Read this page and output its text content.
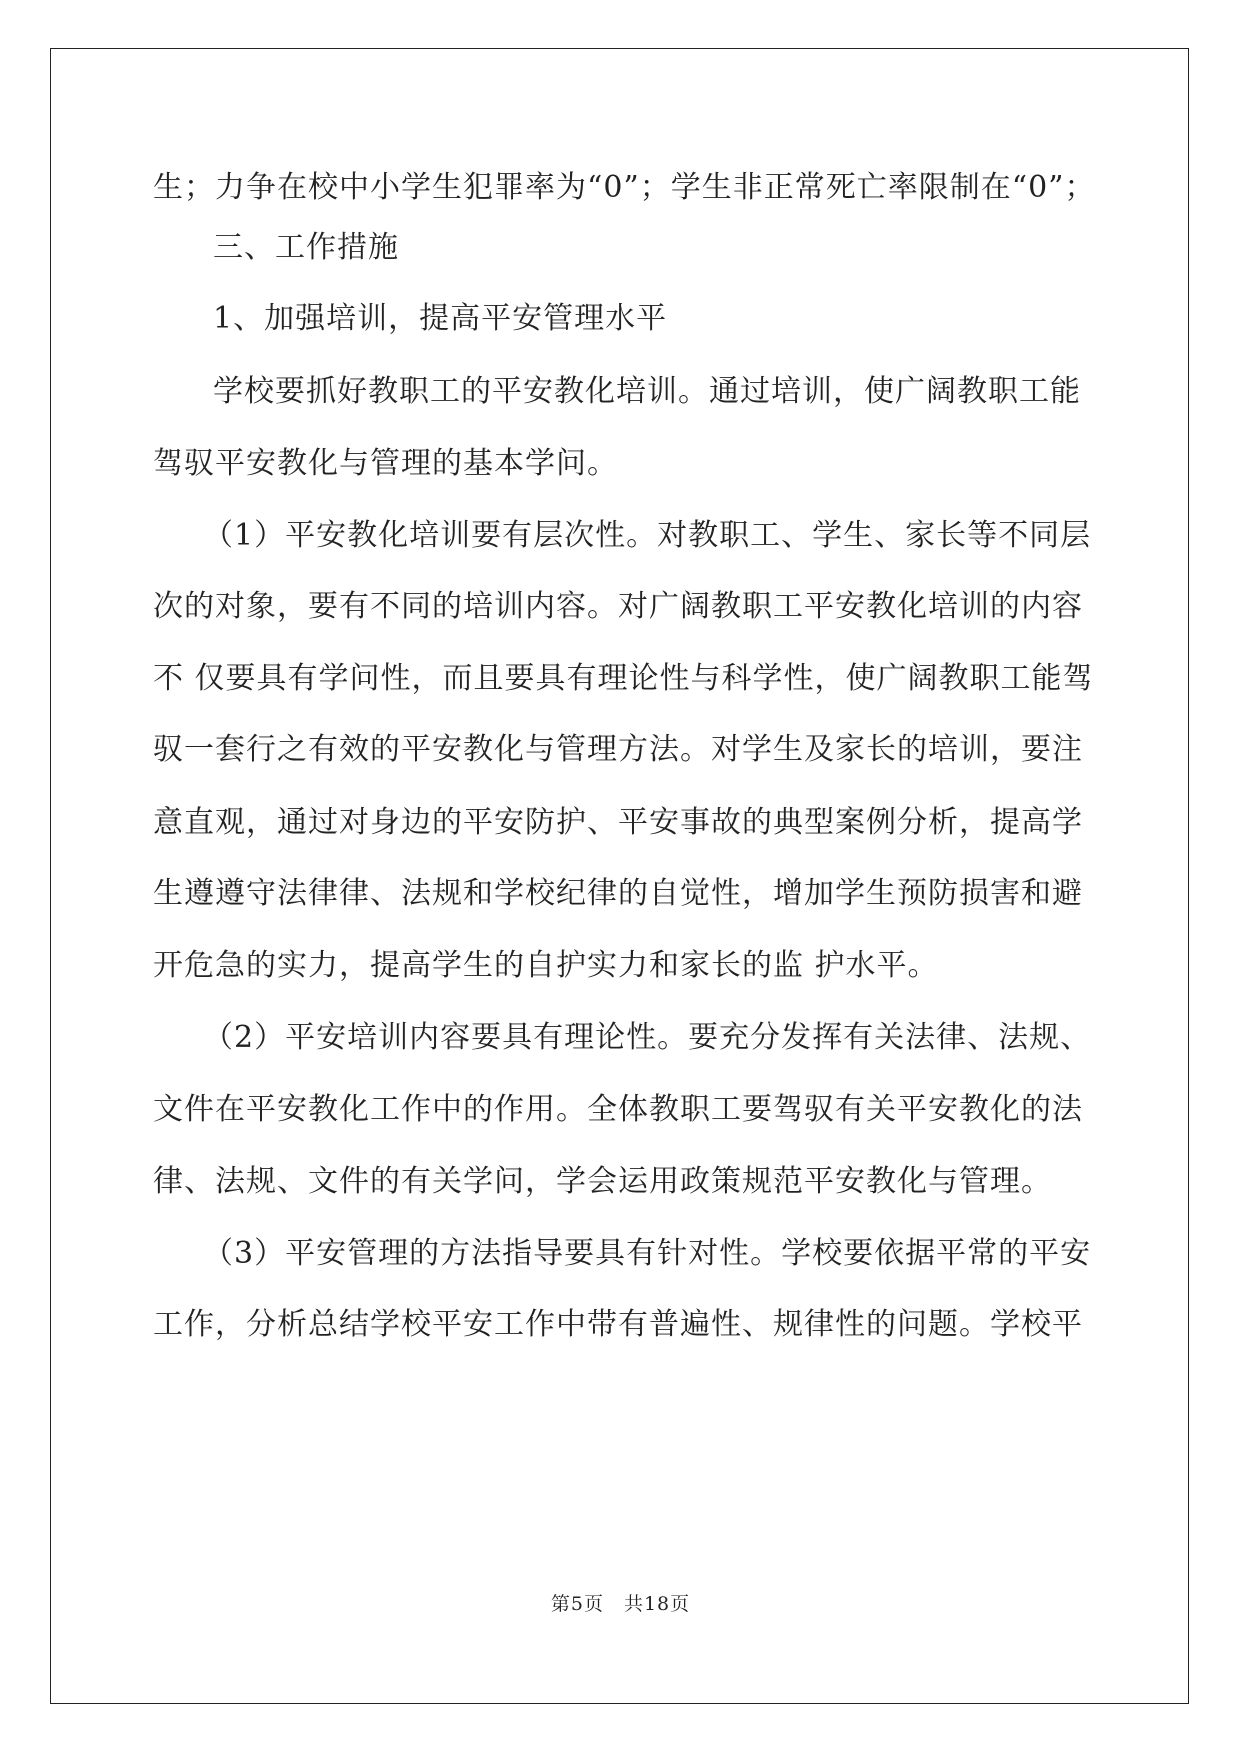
生；力争在校中小学生犯罪率为“0”；学生非正常死亡率限制在“0”；
三、工作措施
1、加强培训，提高平安管理水平
学校要抓好教职工的平安教化培训。通过培训，使广阔教职工能
驾驭平安教化与管理的基本学问。
（1）平安教化培训要有层次性。对教职工、学生、家长等不同层
次的对象，要有不同的培训内容。对广阔教职工平安教化培训的内容
不 仅要具有学问性，而且要具有理论性与科学性，使广阔教职工能驾
驭一套行之有效的平安教化与管理方法。对学生及家长的培训，要注
意直观，通过对身边的平安防护、平安事故的典型案例分析，提高学
生遵遵守法律律、法规和学校纪律的自觉性，增加学生预防损害和避
开危急的实力，提高学生的自护实力和家长的监 护水平。
（2）平安培训内容要具有理论性。要充分发挥有关法律、法规、
文件在平安教化工作中的作用。全体教职工要驾驭有关平安教化的法
律、法规、文件的有关学问，学会运用政策规范平安教化与管理。
（3）平安管理的方法指导要具有针对性。学校要依据平常的平安
工作，分析总结学校平安工作中带有普遍性、规律性的问题。学校平
第5页　共18页
